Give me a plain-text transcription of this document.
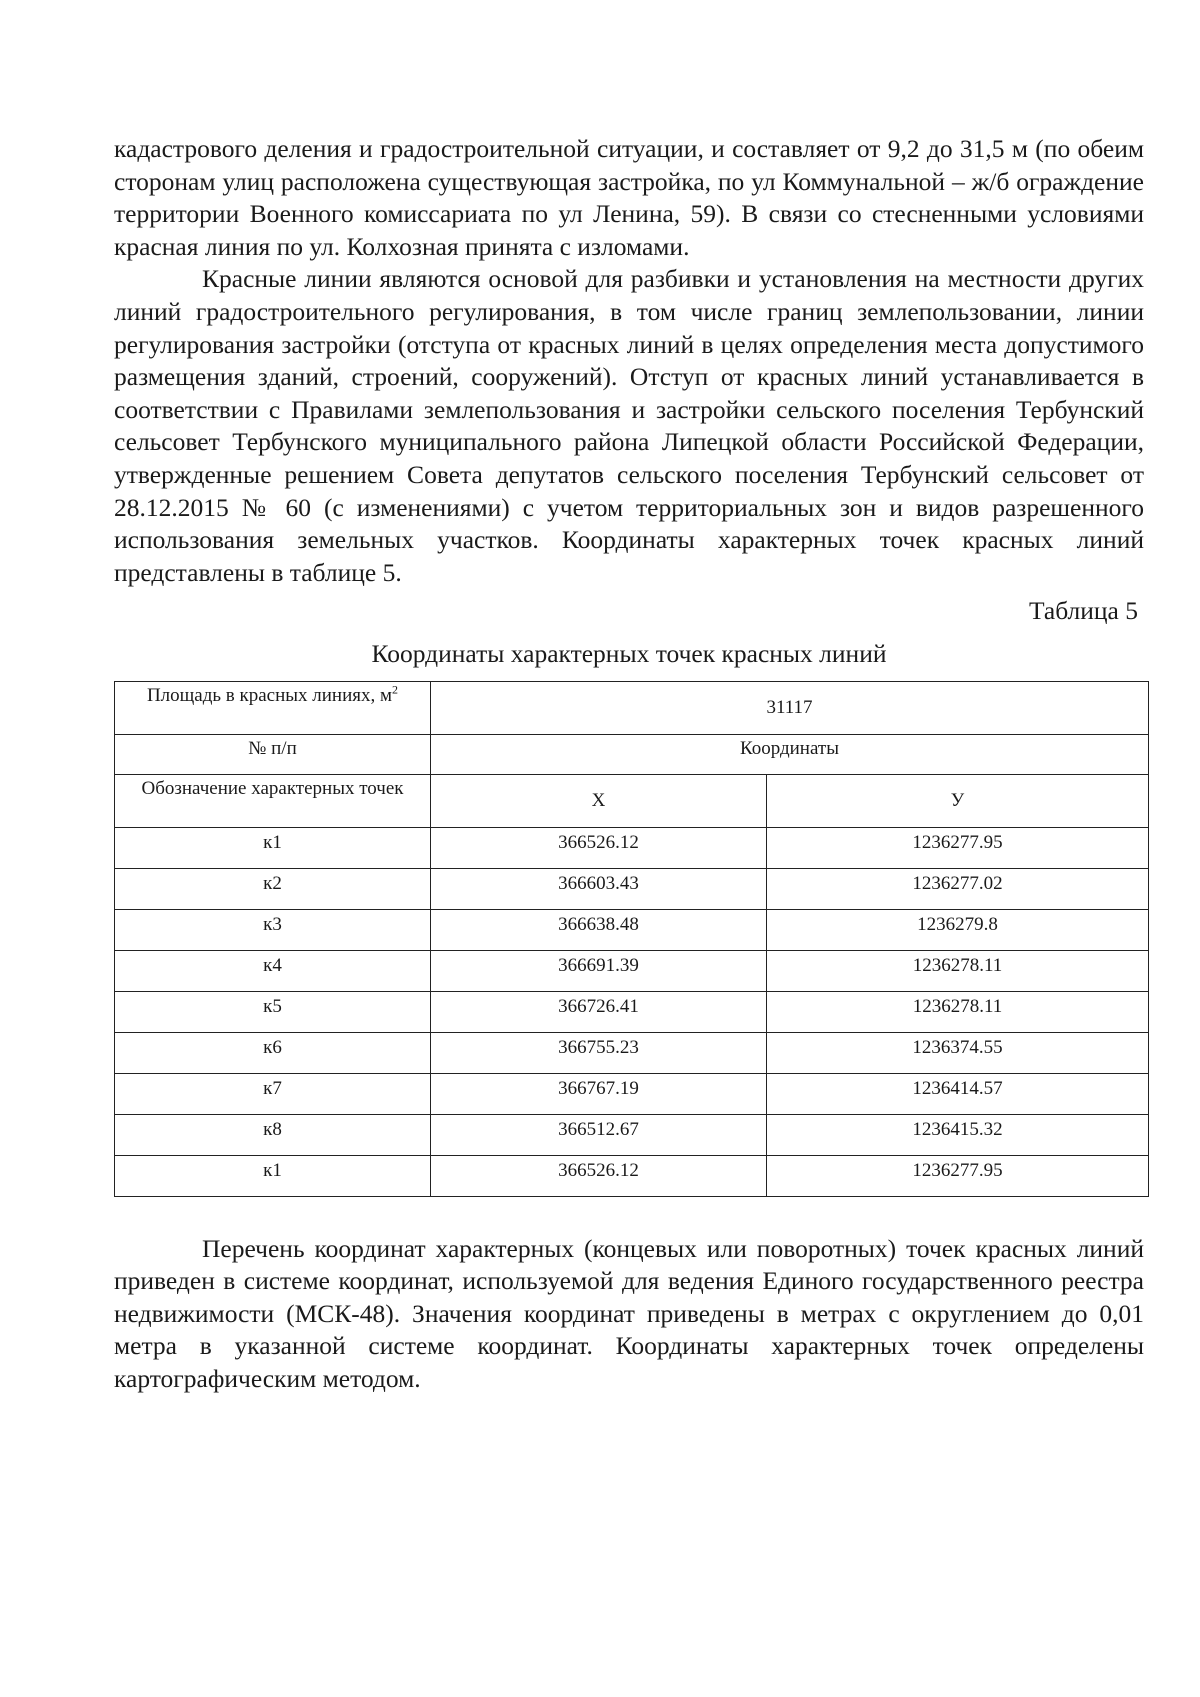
кадастрового деления и градостроительной ситуации, и составляет от 9,2 до 31,5 м (по обеим сторонам улиц расположена существующая застройка, по ул Коммунальной – ж/б ограждение территории Военного комиссариата по ул Ленина, 59). В связи со стесненными условиями красная линия по ул. Колхозная принята с изломами.

Красные линии являются основой для разбивки и установления на местности других линий градостроительного регулирования, в том числе границ землепользовании, линии регулирования застройки (отступа от красных линий в целях определения места допустимого размещения зданий, строений, сооружений). Отступ от красных линий устанавливается в соответствии с Правилами землепользования и застройки сельского поселения Тербунский сельсовет Тербунского муниципального района Липецкой области Российской Федерации, утвержденные решением Совета депутатов сельского поселения Тербунский сельсовет от 28.12.2015 № 60 (с изменениями) с учетом территориальных зон и видов разрешенного использования земельных участков. Координаты характерных точек красных линий представлены в таблице 5.

Таблица 5
Координаты характерных точек красных линий
Площадь в красных линиях, $м^2$	31117	
№ п/п	Координаты	
Обозначение характерных точек	Х	У
к1	366526.12	1236277.95
к2	366603.43	1236277.02
к3	366638.48	1236279.8
к4	366691.39	1236278.11
к5	366726.41	1236278.11
к6	366755.23	1236374.55
к7	366767.19	1236414.57
к8	366512.67	1236415.32
к1	366526.12	1236277.95

Перечень координат характерных (концевых или поворотных) точек красных линий приведен в системе координат, используемой для ведения Единого государственного реестра недвижимости (МСК-48). Значения координат приведены в метрах с округлением до 0,01 метра в указанной системе координат. Координаты характерных точек определены картографическим методом.
